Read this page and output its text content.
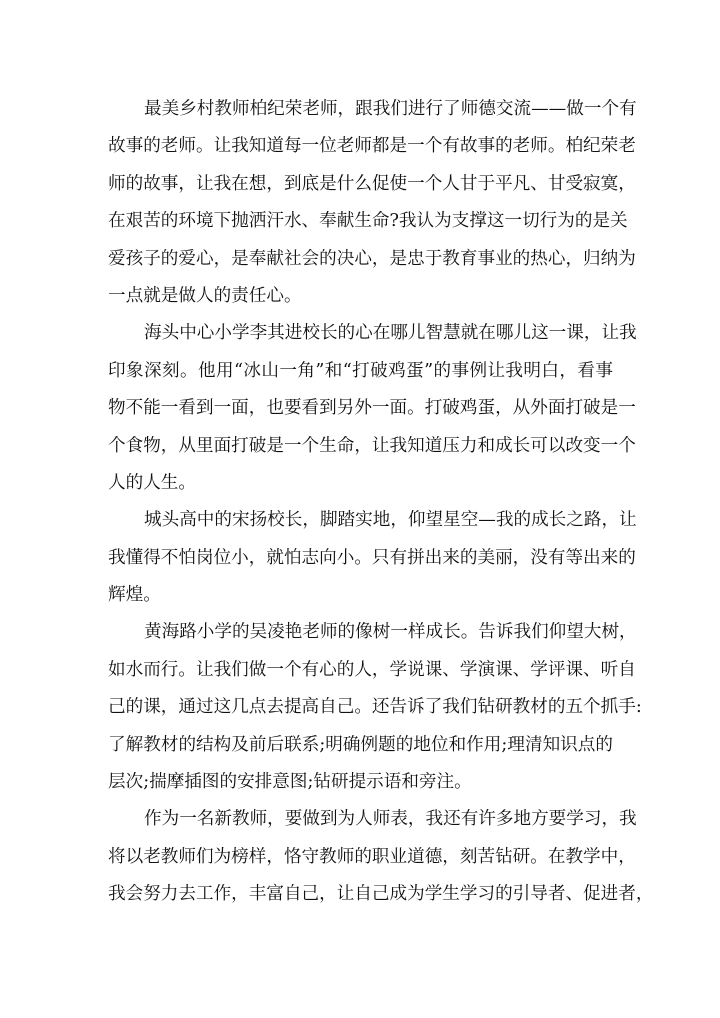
最美乡村教师柏纪荣老师，跟我们进行了师德交流——做一个有
故事的老师。让我知道每一位老师都是一个有故事的老师。柏纪荣老
师的故事，让我在想，到底是什么促使一个人甘于平凡、甘受寂寞，
在艰苦的环境下抛洒汗水、奉献生命?我认为支撑这一切行为的是关
爱孩子的爱心，是奉献社会的决心，是忠于教育事业的热心，归纳为
一点就是做人的责任心。
海头中心小学李其进校长的心在哪儿智慧就在哪儿这一课，让我
印象深刻。他用“冰山一角”和“打破鸡蛋”的事例让我明白，看事
物不能一看到一面，也要看到另外一面。打破鸡蛋，从外面打破是一
个食物，从里面打破是一个生命，让我知道压力和成长可以改变一个
人的人生。
城头高中的宋扬校长，脚踏实地，仰望星空—我的成长之路，让
我懂得不怕岗位小，就怕志向小。只有拼出来的美丽，没有等出来的
辉煌。
黄海路小学的吴凌艳老师的像树一样成长。告诉我们仰望大树，
如水而行。让我们做一个有心的人，学说课、学演课、学评课、听自
己的课，通过这几点去提高自己。还告诉了我们钻研教材的五个抓手:
了解教材的结构及前后联系;明确例题的地位和作用;理清知识点的
层次;揣摩插图的安排意图;钻研提示语和旁注。
作为一名新教师，要做到为人师表，我还有许多地方要学习，我
将以老教师们为榜样，恪守教师的职业道德，刻苦钻研。在教学中，
我会努力去工作，丰富自己，让自己成为学生学习的引导者、促进者，
